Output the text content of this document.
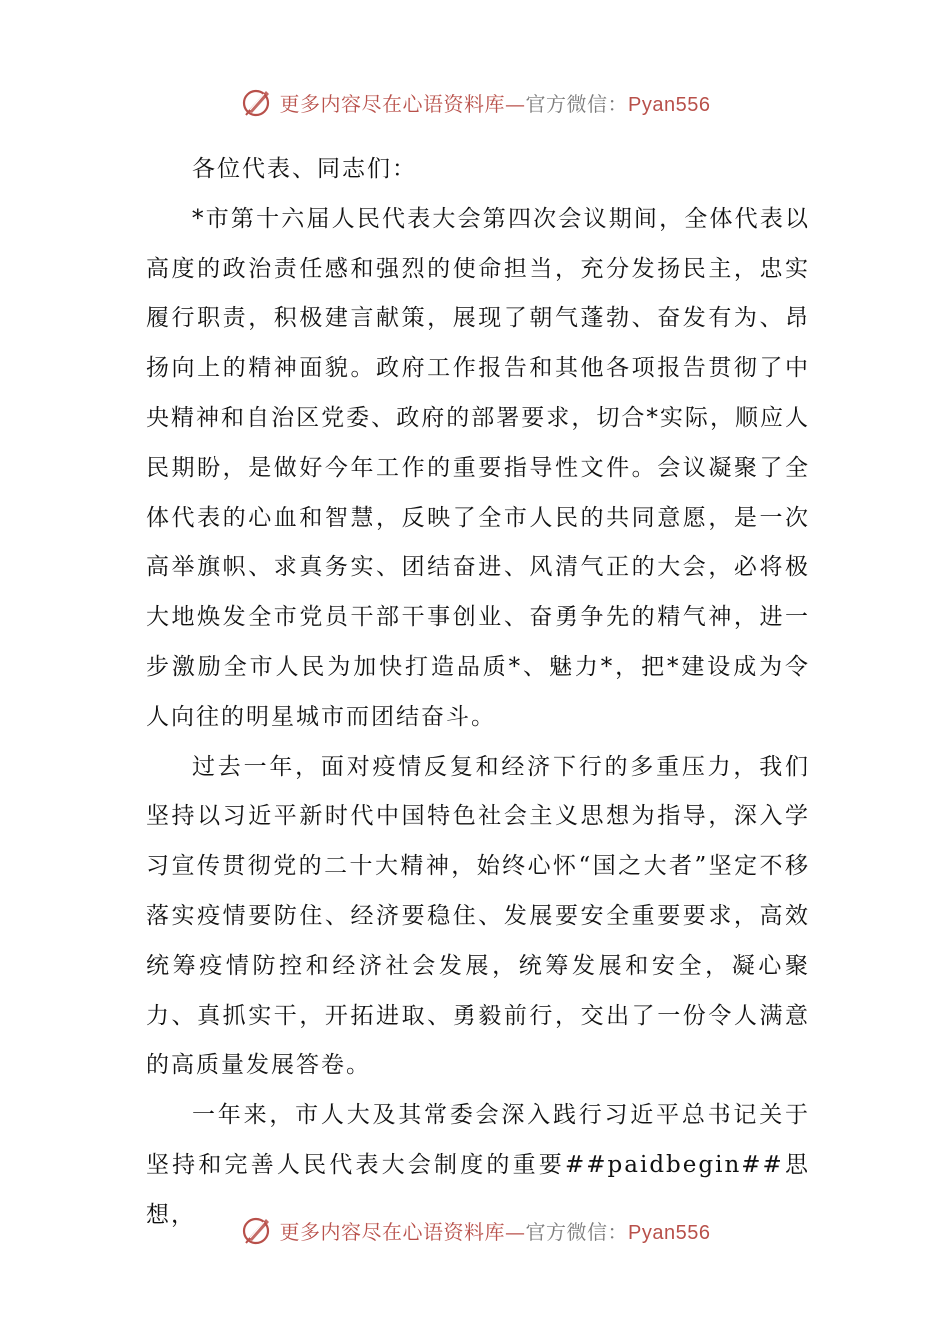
更多内容尽在心语资料库—官方微信：Pyan556

各位代表、同志们：

*市第十六届人民代表大会第四次会议期间，全体代表以高度的政治责任感和强烈的使命担当，充分发扬民主，忠实履行职责，积极建言献策，展现了朝气蓬勃、奋发有为、昂扬向上的精神面貌。政府工作报告和其他各项报告贯彻了中央精神和自治区党委、政府的部署要求，切合*实际，顺应人民期盼，是做好今年工作的重要指导性文件。会议凝聚了全体代表的心血和智慧，反映了全市人民的共同意愿，是一次高举旗帜、求真务实、团结奋进、风清气正的大会，必将极大地焕发全市党员干部干事创业、奋勇争先的精气神，进一步激励全市人民为加快打造品质*、魅力*，把*建设成为令人向往的明星城市而团结奋斗。

过去一年，面对疫情反复和经济下行的多重压力，我们坚持以习近平新时代中国特色社会主义思想为指导，深入学习宣传贯彻党的二十大精神，始终心怀“国之大者”坚定不移落实疫情要防住、经济要稳住、发展要安全重要要求，高效统筹疫情防控和经济社会发展，统筹发展和安全，凝心聚力、真抓实干，开拓进取、勇毅前行，交出了一份令人满意的高质量发展答卷。

一年来，市人大及其常委会深入践行习近平总书记关于坚持和完善人民代表大会制度的重要##paidbegin##思想，

更多内容尽在心语资料库—官方微信：Pyan556
